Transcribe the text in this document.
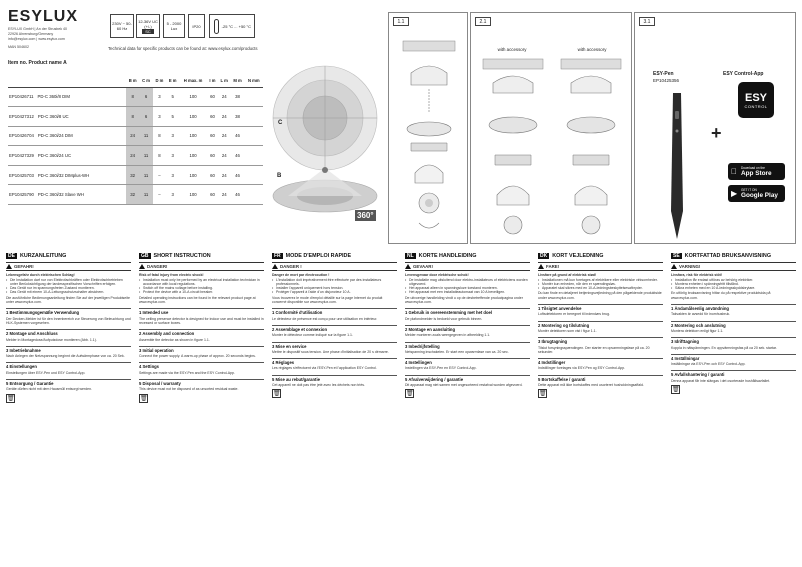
ESYLUX
ESYLUX GmbH | An der Strusbek 40
22926 Ahrensburg/Germany
info@esylux.com | www.esylux.com
MAN 504602
230V ~ 50-60 Hz
12-36V UC (+/-)
SC
5 - 2000 Lux	IP20	-25 °C ... +50 °C
Technical data for specific products can be found at: www.esylux.com/products
Item no. Product name A
	B m	C m	D m	E m	H max. m	I m	L m	M m	N mm
EP10426711 PD-C 360i/8 DIM	8	6	3	5	100	60	24	38	
EP10427312 PD-C 360i/8 UC	8	6	3	5	100	60	24	38	
EP10426704 PD-C 360i/24 DIM	24	11	8	3	100	60	24	46	
EP10427329 PD-C 360i/24 UC	24	11	8	3	100	60	24	46	
EP10425703 PD-C 360i/32 DIMplus-WH	32	11	–	3	100	60	24	46	
EP10425790 PD-C 360i/32 Slave WH	32	11	–	3	100	60	24	46	
B
C
360°
1.1	2.1
with accessory	with accessory
3.1
ESY-Pen
EP10425356
ESY Control-App
ESY
CONTROL
+
Download on the
App Store
▶	GET IT ON
Google Play
DE KURZANLEITUNG
GEFAHR!

Lebensgefahr durch elektrischen Schlag!

• Die Installation darf nur von Elektrofachkräften oder Elektrofachbetrieben unter Berücksichtigung der landesspezifischen Vorschriften erfolgen.
• Das Gerät nur im spannungsfreien Zustand montieren.
• Das Gerät mit einem 10-A-Leitungsschutzschalter absichern.

Die ausführliche Bedienungsanleitung finden Sie auf der jeweiligen Produktseite unter www.esylux.com.

1 Bestimmungsgemäße Verwendung

Der Decken-Melder ist für den Innenbereich zur Steuerung von Beleuchtung und HLK-Systemen vorgesehen.

2 Montage und Anschluss

Melder in Montagedose/Aufputzdose montieren (Abb. 1.1).

3 Inbetriebnahme

Nach Anlegen der Netzspannung beginnt die Aufwärmphase von ca. 20 Sek.

4 Einstellungen

Einstellungen über ESY-Pen und ESY Control-App.

5 Entsorgung / Garantie

Geräte dürfen nicht mit dem Hausmüll entsorgt werden.

🗑
GB SHORT INSTRUCTION
DANGER!

Risk of fatal injury from electric shock!

• Installation must only be performed by an electrical installation technician in accordance with local regulations.
• Switch off the mains voltage before installing.
• Protect the device with a 10-A circuit breaker.

Detailed operating instructions can be found in the relevant product page at www.esylux.com.

1 Intended use

The ceiling presence detector is designed for indoor use and must be installed in recessed or surface boxes.

2 Assembly and connection

Assemble the detector as shown in figure 1.1.

3 Initial operation

Connect the power supply. A warm-up phase of approx. 20 seconds begins.

4 Settings

Settings are made via the ESY-Pen and the ESY Control-App.

5 Disposal / warranty

This device must not be disposed of as unsorted residual waste.

🗑
FR MODE D'EMPLOI RAPIDE
DANGER !

Danger de mort par électrocution !

• L'installation doit impérativement être effectuée par des installateurs professionnels.
• Installer l'appareil uniquement hors tension.
• Protéger l'appareil à l'aide d'un disjoncteur 10 A.

Vous trouverez le mode d'emploi détaillé sur la page Internet du produit concerné disponible sur www.esylux.com.

1 Conformité d'utilisation

Le détecteur de présence est conçu pour une utilisation en intérieur.

2 Assemblage et connexion

Monter le détecteur comme indiqué sur la figure 1.1.

3 Mise en service

Mettre le dispositif sous tension. Une phase d'initialisation de 20 s démarre.

4 Réglages

Les réglages s'effectuent via l'ESY-Pen et l'application ESY Control.

5 Mise au rebut/garantie

Cet appareil ne doit pas être jeté avec les déchets non triés.

🗑
NL KORTE HANDLEIDING
GEVAAR!

Levensgevaar door elektrische schok!

• De installatie mag uitsluitend door elektro-installateurs of elektriciens worden uitgevoerd.
• Het apparaat alleen in spanningsloze toestand monteren.
• Het apparaat met een installatieautomaat van 10 A beveiligen.

De uitvoerige handleiding vindt u op de desbetreffende productpagina onder www.esylux.com.

1 Gebruik in overeenstemming met het doel

De plafondmelder is bedoeld voor gebruik binnen.

2 Montage en aansluiting

Melder monteren zoals weergegeven in afbeelding 1.1.

3 Inbedrijfstelling

Netspanning inschakelen. Er start een opwarmfase van ca. 20 sec.

4 Instellingen

Instellingen via ESY-Pen en ESY Control-App.

5 Afvalverwijdering / garantie

Dit apparaat mag niet samen met ongesorteerd restafval worden afgevoerd.

🗑
DK KORT VEJLEDNING
FARE!

Livsfare på grund af elektrisk stød!

• Installationen må kun foretages af elektrikere eller elektriske virksomheder.
• Montér kun enheden, når den er spændingsløs.
• Apparatet skal sikres med en 10-A-ledningsbeskyttelsesafbryder.

Du kan finde en detaljeret betjeningsvejledning på den pågældende produktside under www.esylux.com.

1 Tilsigtet anvendelse

Loftsdetektoren er beregnet til indendørs brug.

2 Montering og tilslutning

Montér detektoren som vist i figur 1.1.

3 Ibrugtagning

Tilslut forsyningsspændingen. Der starter en opvarmningsfase på ca. 20 sekunder.

4 Indstillinger

Indstillinger foretages via ESY-Pen og ESY Control-App.

5 Bortskaffelse / garanti

Dette apparat må ikke bortskaffes med usorteret husholdningsaffald.

🗑
SE KORTFATTAD BRUKSANVISNING
VARNING!

Livsfara, risk för elektrisk stöt!

• Installation får endast utföras av behörig elektriker.
• Montera enheten i spänningsfritt tillstånd.
• Säkra enheten med en 10 A-ledningsskyddsbrytare.

En utförlig bruksanvisning hittar du på respektive produktsida på www.esylux.com.

1 Ändamålsenlig användning

Takvakten är avsedd för inomhusbruk.

2 Montering och anslutning

Montera detektorn enligt figur 1.1.

3 Idrifttagning

Koppla in nätspänningen. En uppvärmningsfas på ca 20 sek. startar.

4 Inställningar

Inställningar via ESY-Pen och ESY Control-App.

5 Avfallshantering / garanti

Denna apparat får inte slängas i det osorterade hushållsavfallet.

🗑
